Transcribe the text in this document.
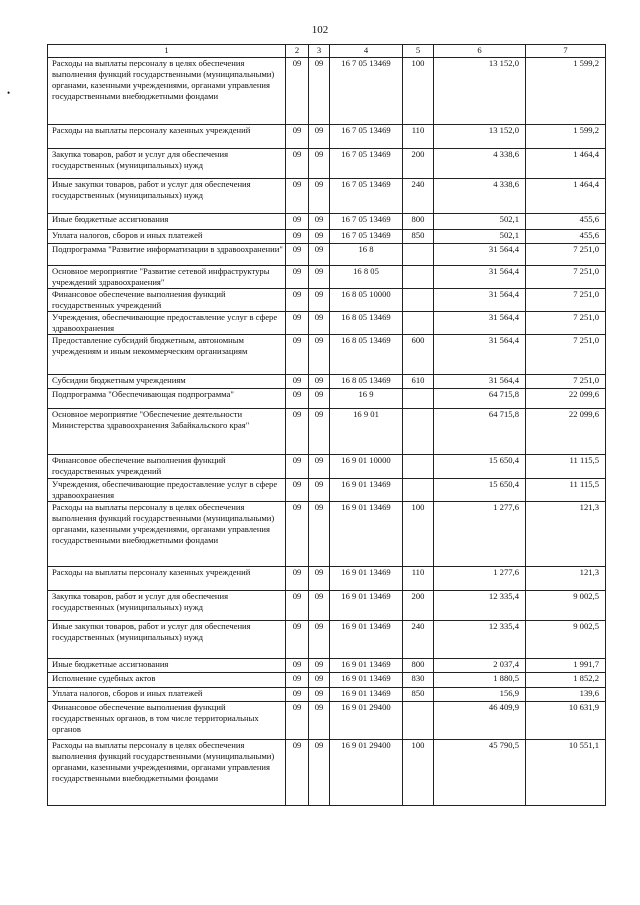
102
•
1	2	3	4	5	6	7
Расходы на выплаты персоналу в целях обеспечения выполнения функций государственными (муниципальными) органами, казенными учреждениями, органами управления государственными внебюджетными фондами	09	09	16 7 05 13469	100	13 152,0	1 599,2
Расходы на выплаты персоналу казенных учреждений	09	09	16 7 05 13469	110	13 152,0	1 599,2
Закупка товаров, работ и услуг для обеспечения государственных (муниципальных) нужд	09	09	16 7 05 13469	200	4 338,6	1 464,4
Иные закупки товаров, работ и услуг для обеспечения государственных (муниципальных) нужд	09	09	16 7 05 13469	240	4 338,6	1 464,4
Иные бюджетные ассигнования	09	09	16 7 05 13469	800	502,1	455,6
Уплата налогов, сборов и иных платежей	09	09	16 7 05 13469	850	502,1	455,6
Подпрограмма "Развитие информатизации в здравоохранении"	09	09	16 8		31 564,4	7 251,0
Основное мероприятие "Развитие сетевой инфраструктуры учреждений здравоохранения"	09	09	16 8 05		31 564,4	7 251,0
Финансовое обеспечение выполнения функций государственных учреждений	09	09	16 8 05 10000		31 564,4	7 251,0
Учреждения, обеспечивающие предоставление услуг в сфере здравоохранения	09	09	16 8 05 13469		31 564,4	7 251,0
Предоставление субсидий бюджетным, автономным учреждениям и иным некоммерческим организациям	09	09	16 8 05 13469	600	31 564,4	7 251,0
Субсидии бюджетным учреждениям	09	09	16 8 05 13469	610	31 564,4	7 251,0
Подпрограмма "Обеспечивающая подпрограмма"	09	09	16 9		64 715,8	22 099,6
Основное мероприятие "Обеспечение деятельности Министерства здравоохранения Забайкальского края"	09	09	16 9 01		64 715,8	22 099,6
Финансовое обеспечение выполнения функций государственных учреждений	09	09	16 9 01 10000		15 650,4	11 115,5
Учреждения, обеспечивающие предоставление услуг в сфере здравоохранения	09	09	16 9 01 13469		15 650,4	11 115,5
Расходы на выплаты персоналу в целях обеспечения выполнения функций государственными (муниципальными) органами, казенными учреждениями, органами управления государственными внебюджетными фондами	09	09	16 9 01 13469	100	1 277,6	121,3
Расходы на выплаты персоналу казенных учреждений	09	09	16 9 01 13469	110	1 277,6	121,3
Закупка товаров, работ и услуг для обеспечения государственных (муниципальных) нужд	09	09	16 9 01 13469	200	12 335,4	9 002,5
Иные закупки товаров, работ и услуг для обеспечения государственных (муниципальных) нужд	09	09	16 9 01 13469	240	12 335,4	9 002,5
Иные бюджетные ассигнования	09	09	16 9 01 13469	800	2 037,4	1 991,7
Исполнение судебных актов	09	09	16 9 01 13469	830	1 880,5	1 852,2
Уплата налогов, сборов и иных платежей	09	09	16 9 01 13469	850	156,9	139,6
Финансовое обеспечение выполнения функций государственных органов, в том числе территориальных органов	09	09	16 9 01 29400		46 409,9	10 631,9
Расходы на выплаты персоналу в целях обеспечения выполнения функций государственными (муниципальными) органами, казенными учреждениями, органами управления государственными внебюджетными фондами	09	09	16 9 01 29400	100	45 790,5	10 551,1
